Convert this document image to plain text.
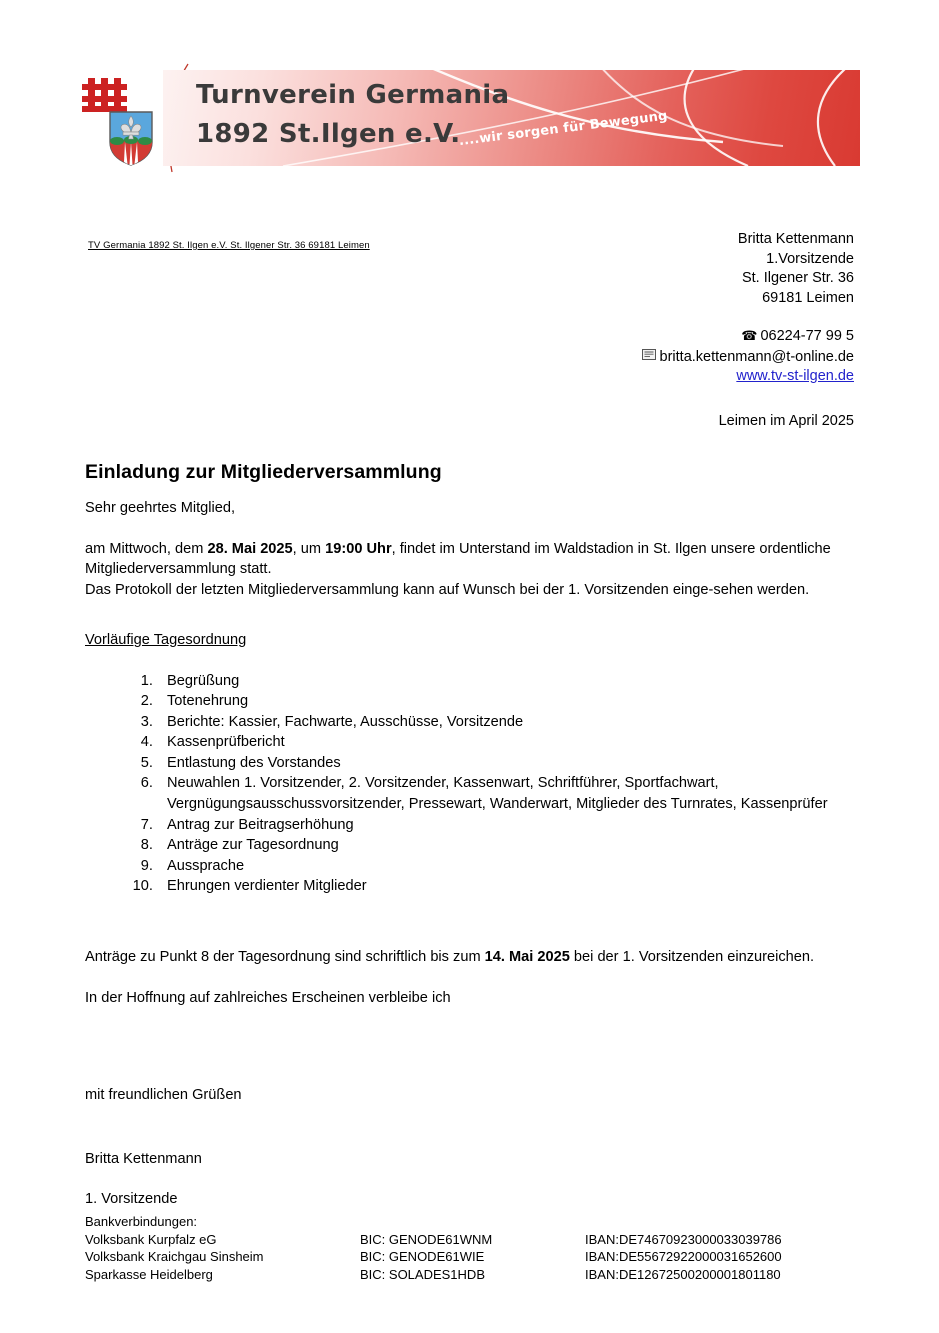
Turnverein Germania
1892 St.Ilgen e.V.....wir sorgen für Bewegung
TV Germania 1892 St. Ilgen e.V. St. Ilgener Str. 36 69181 Leimen	Britta Kettenmann
1.Vorsitzende
St. Ilgener Str. 36
69181 Leimen
☎ 06224-77 99 5
britta.kettenmann@t-online.de
www.tv-st-ilgen.de
Leimen im April 2025
Einladung zur Mitgliederversammlung

Sehr geehrtes Mitglied,

am Mittwoch, dem 28. Mai 2025, um 19:00 Uhr, findet im Unterstand im Waldstadion in St. Ilgen unsere ordentliche Mitgliederversammlung statt.

Das Protokoll der letzten Mitgliederversammlung kann auf Wunsch bei der 1. Vorsitzenden einge-sehen werden.

Vorläufige Tagesordnung

1. Begrüßung
2. Totenehrung
3. Berichte: Kassier, Fachwarte, Ausschüsse, Vorsitzende
4. Kassenprüfbericht
5. Entlastung des Vorstandes
6. Neuwahlen 1. Vorsitzender, 2. Vorsitzender, Kassenwart, Schriftführer, Sportfachwart, Vergnügungsausschussvorsitzender, Pressewart, Wanderwart, Mitglieder des Turnrates, Kassenprüfer
7. Antrag zur Beitragserhöhung
8. Anträge zur Tagesordnung
9. Aussprache
10. Ehrungen verdienter Mitglieder

Anträge zu Punkt 8 der Tagesordnung sind schriftlich bis zum 14. Mai 2025 bei der 1. Vorsitzenden einzureichen.

In der Hoffnung auf zahlreiches Erscheinen verbleibe ich

mit freundlichen Grüßen

Britta Kettenmann

1. Vorsitzende

Bankverbindungen:
Volksbank Kurpfalz eG	BIC: GENODE61WNM	IBAN:DE74670923000033039786
Volksbank Kraichgau Sinsheim	BIC: GENODE61WIE	IBAN:DE55672922000031652600
Sparkasse Heidelberg	BIC: SOLADES1HDB	IBAN:DE12672500200001801180
